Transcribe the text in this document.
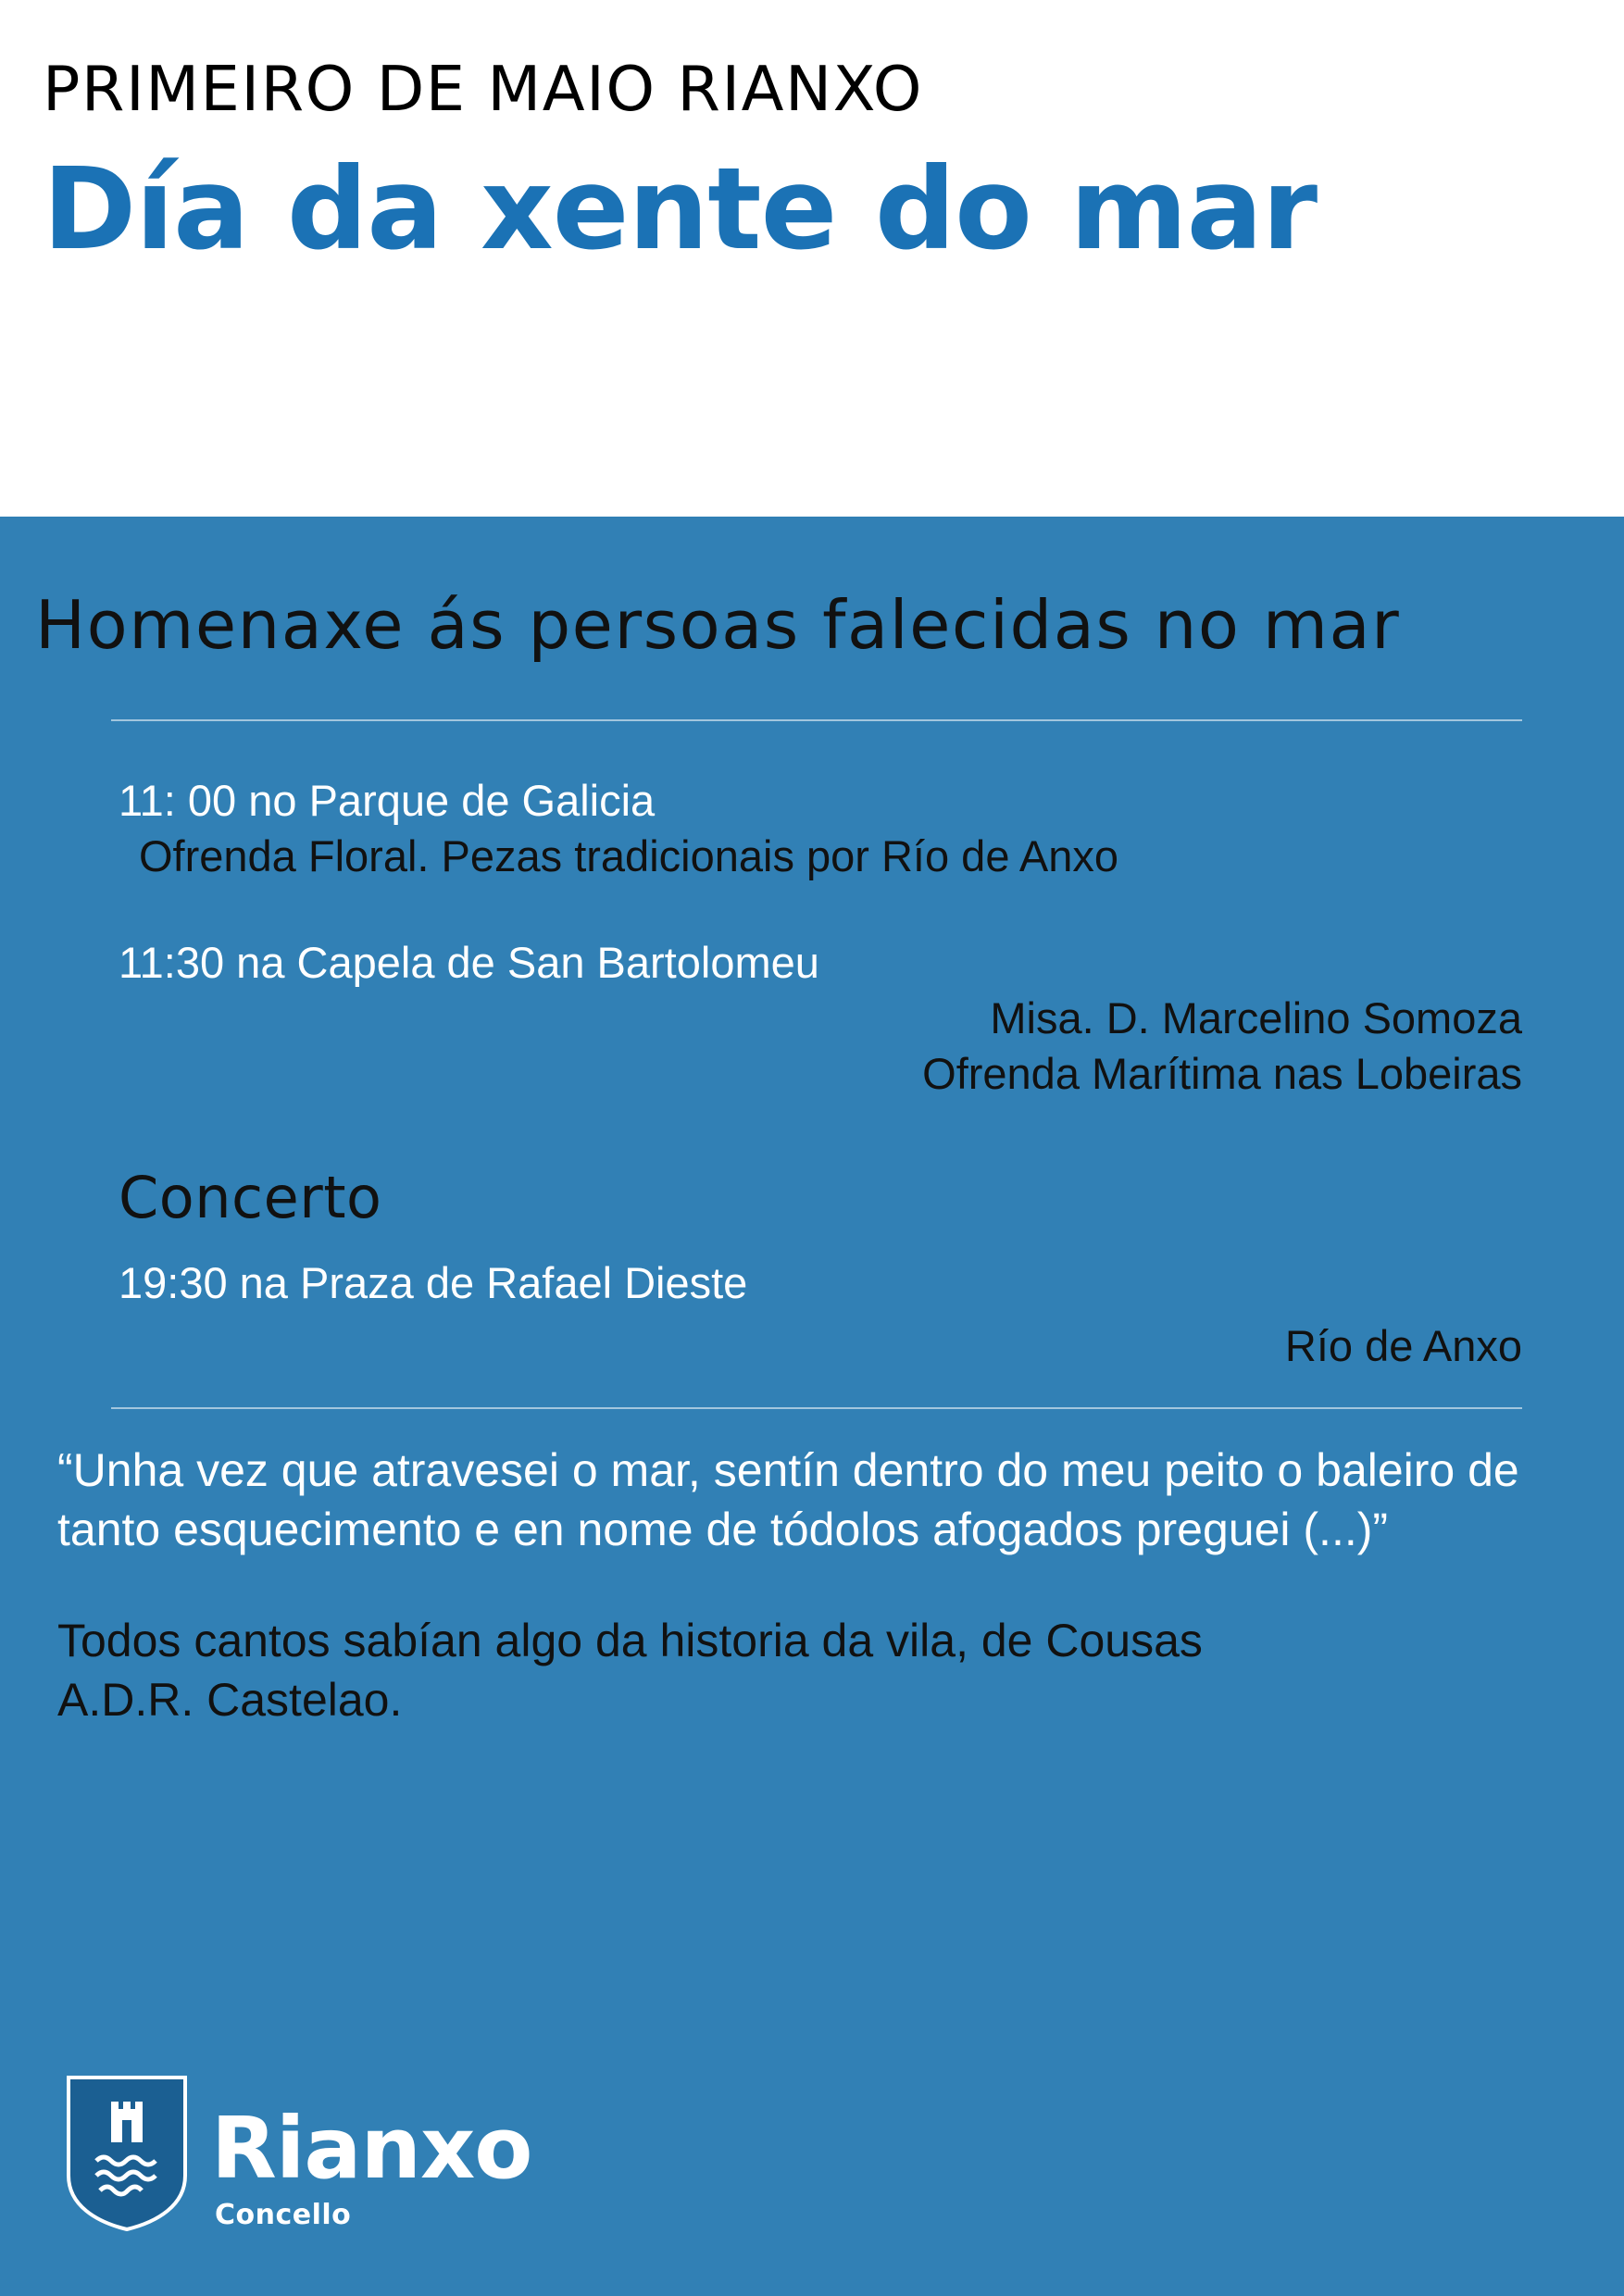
PRIMEIRO DE MAIO RIANXO
Día da xente do mar
Homenaxe ás persoas falecidas no mar
11: 00 no Parque de Galicia
Ofrenda Floral. Pezas tradicionais por Río de Anxo
11:30 na Capela de San Bartolomeu
Misa. D. Marcelino Somoza
Ofrenda Marítima nas Lobeiras
Concerto
19:30 na Praza de Rafael Dieste
Río de Anxo
“Unha vez que atravesei o mar, sentín dentro do meu peito o baleiro de tanto esquecimento e en nome de tódolos afogados preguei (...)”
Todos cantos sabían algo da historia da vila, de Cousas
A.D.R. Castelao.
Rianxo
Concello
